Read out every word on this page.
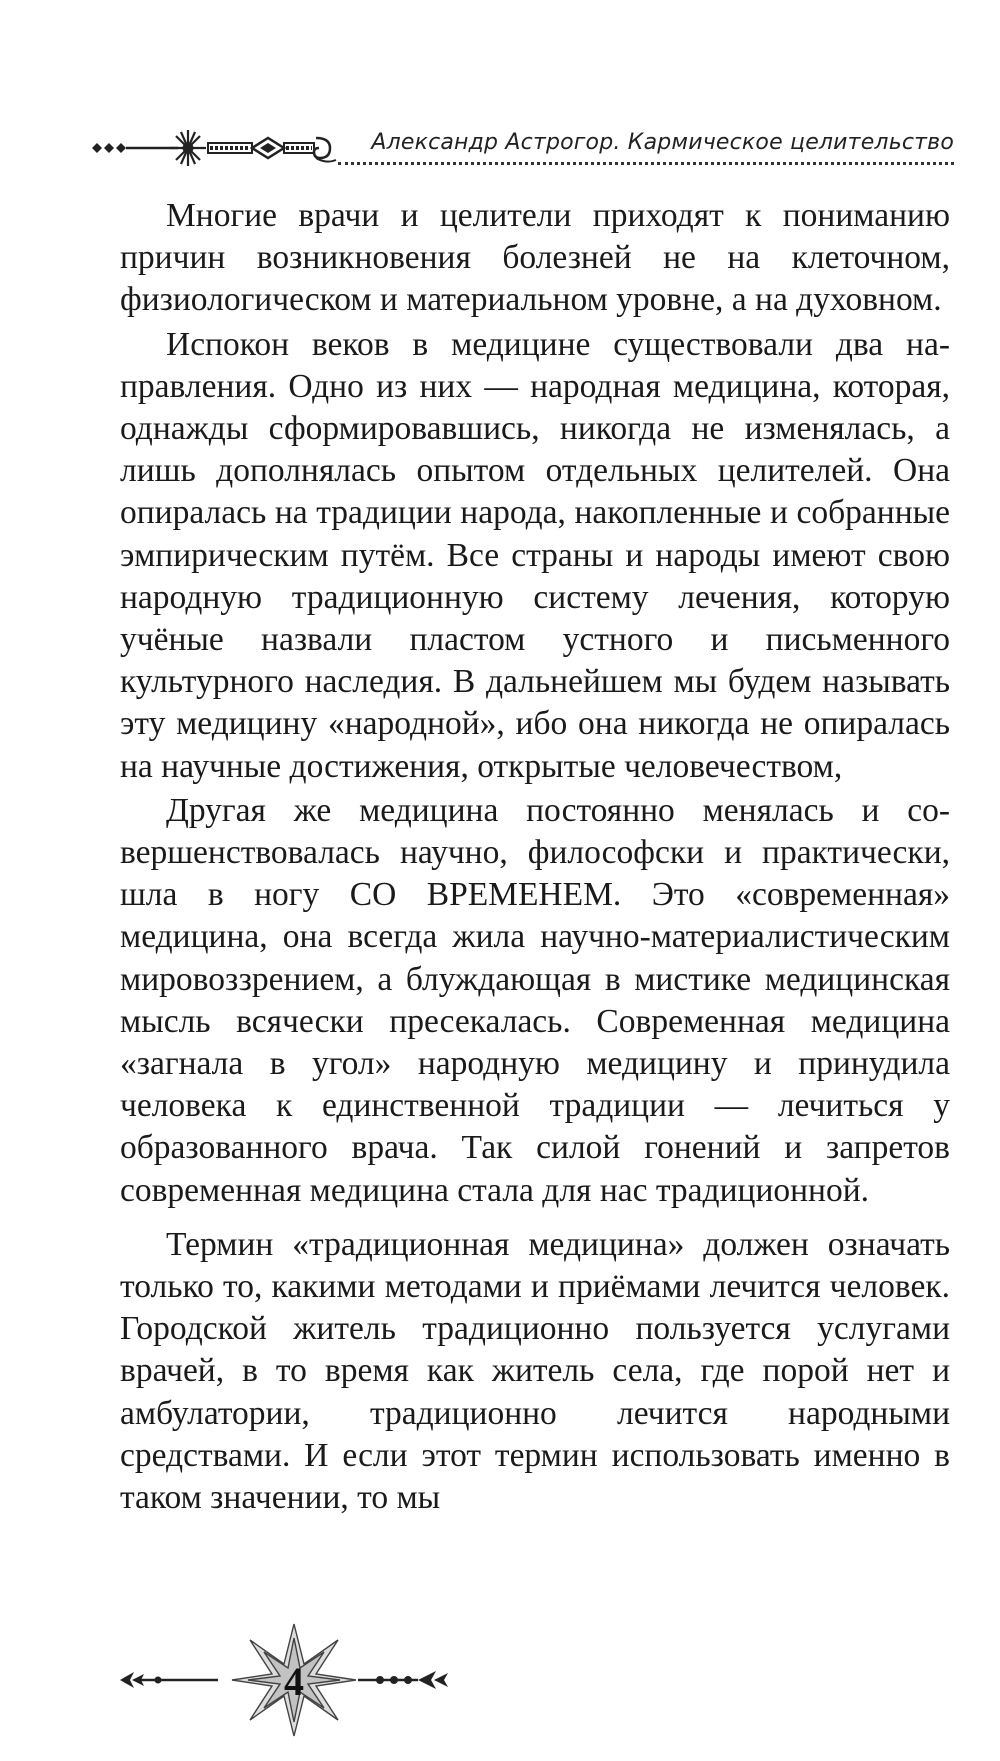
Александр Астрогор. Кармическое целительство

Многие врачи и целители приходят к пониманию причин возникновения болезней не на клеточном, физиологическом и материальном уровне, а на духовном.

Испокон веков в медицине существовали два направления. Одно из них — народная медицина, которая, однажды сформировавшись, никогда не изменялась, а лишь дополнялась опытом отдельных целителей. Она опиралась на традиции народа, накопленные и собранные эмпирическим путём. Все страны и народы имеют свою народную традиционную систему лечения, которую учёные назвали пластом устного и письменного культурного наследия. В дальнейшем мы будем называть эту медицину «народной», ибо она никогда не опиралась на научные достижения, открытые человечеством,

Другая же медицина постоянно менялась и совершенствовалась научно, философски и практически, шла в ногу СО ВРЕМЕНЕМ. Это «современная» медицина, она всегда жила научно-материалистическим мировоззрением, а блуждающая в мистике медицинская мысль всячески пресекалась. Современная медицина «загнала в угол» народную медицину и принудила человека к единственной традиции — лечиться у образованного врача. Так силой гонений и запретов современная медицина стала для нас традиционной.

Термин «традиционная медицина» должен означать только то, какими методами и приёмами лечится человек. Городской житель традиционно пользуется услугами врачей, в то время как житель села, где порой нет и амбулатории, традиционно лечится народными средствами. И если этот термин использовать именно в таком значении, то мы

4
